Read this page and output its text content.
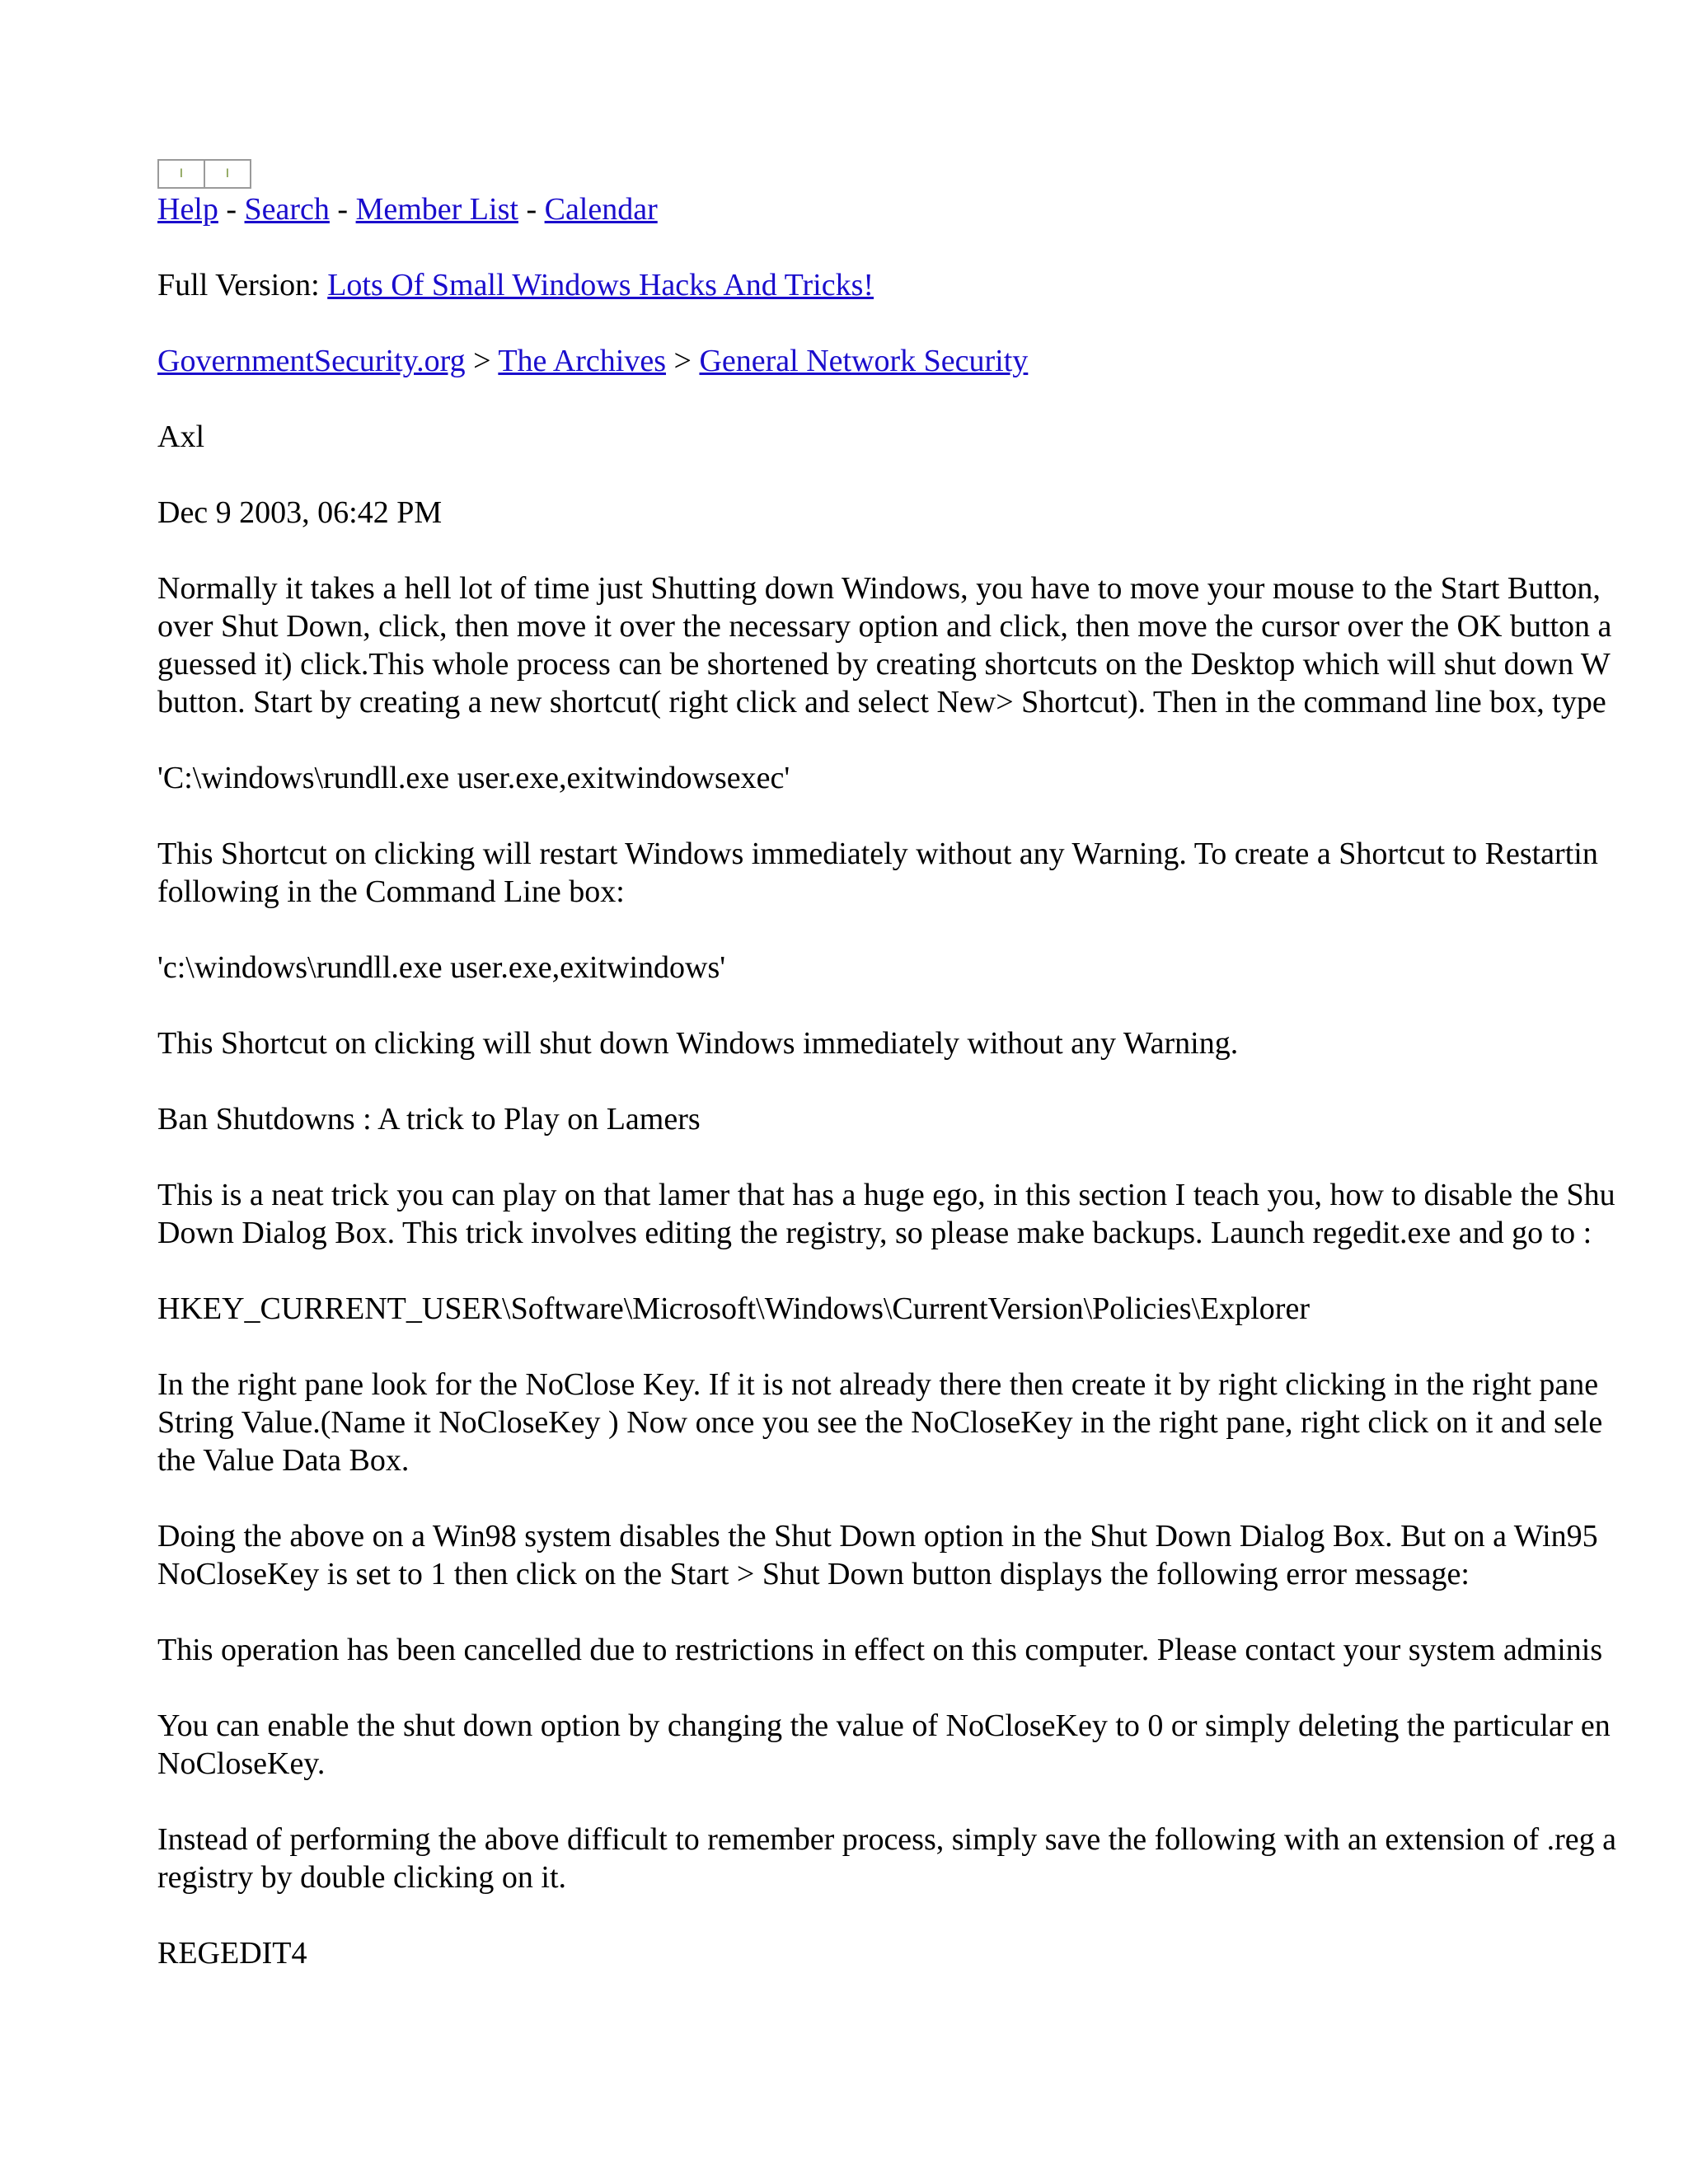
I	I
Help - Search - Member List - Calendar

Full Version: Lots Of Small Windows Hacks And Tricks!

GovernmentSecurity.org > The Archives > General Network Security

Axl

Dec 9 2003, 06:42 PM

Normally it takes a hell lot of time just Shutting down Windows, you have to move your mouse to the Start Button,

over Shut Down, click, then move it over the necessary option and click, then move the cursor over the OK button a

guessed it) click.This whole process can be shortened by creating shortcuts on the Desktop which will shut down W

button. Start by creating a new shortcut( right click and select New> Shortcut). Then in the command line box, type

'C:\windows\rundll.exe user.exe,exitwindowsexec'

This Shortcut on clicking will restart Windows immediately without any Warning. To create a Shortcut to Restartin

following in the Command Line box:

'c:\windows\rundll.exe user.exe,exitwindows'

This Shortcut on clicking will shut down Windows immediately without any Warning.

Ban Shutdowns : A trick to Play on Lamers

This is a neat trick you can play on that lamer that has a huge ego, in this section I teach you, how to disable the Shu

Down Dialog Box. This trick involves editing the registry, so please make backups. Launch regedit.exe and go to :

HKEY_CURRENT_USER\Software\Microsoft\Windows\CurrentVersion\Policies\Explorer

In the right pane look for the NoClose Key. If it is not already there then create it by right clicking in the right pane

String Value.(Name it NoCloseKey ) Now once you see the NoCloseKey in the right pane, right click on it and sele

the Value Data Box.

Doing the above on a Win98 system disables the Shut Down option in the Shut Down Dialog Box. But on a Win95

NoCloseKey is set to 1 then click on the Start > Shut Down button displays the following error message:

This operation has been cancelled due to restrictions in effect on this computer. Please contact your system adminis

You can enable the shut down option by changing the value of NoCloseKey to 0 or simply deleting the particular en

NoCloseKey.

Instead of performing the above difficult to remember process, simply save the following with an extension of .reg a

registry by double clicking on it.

REGEDIT4
